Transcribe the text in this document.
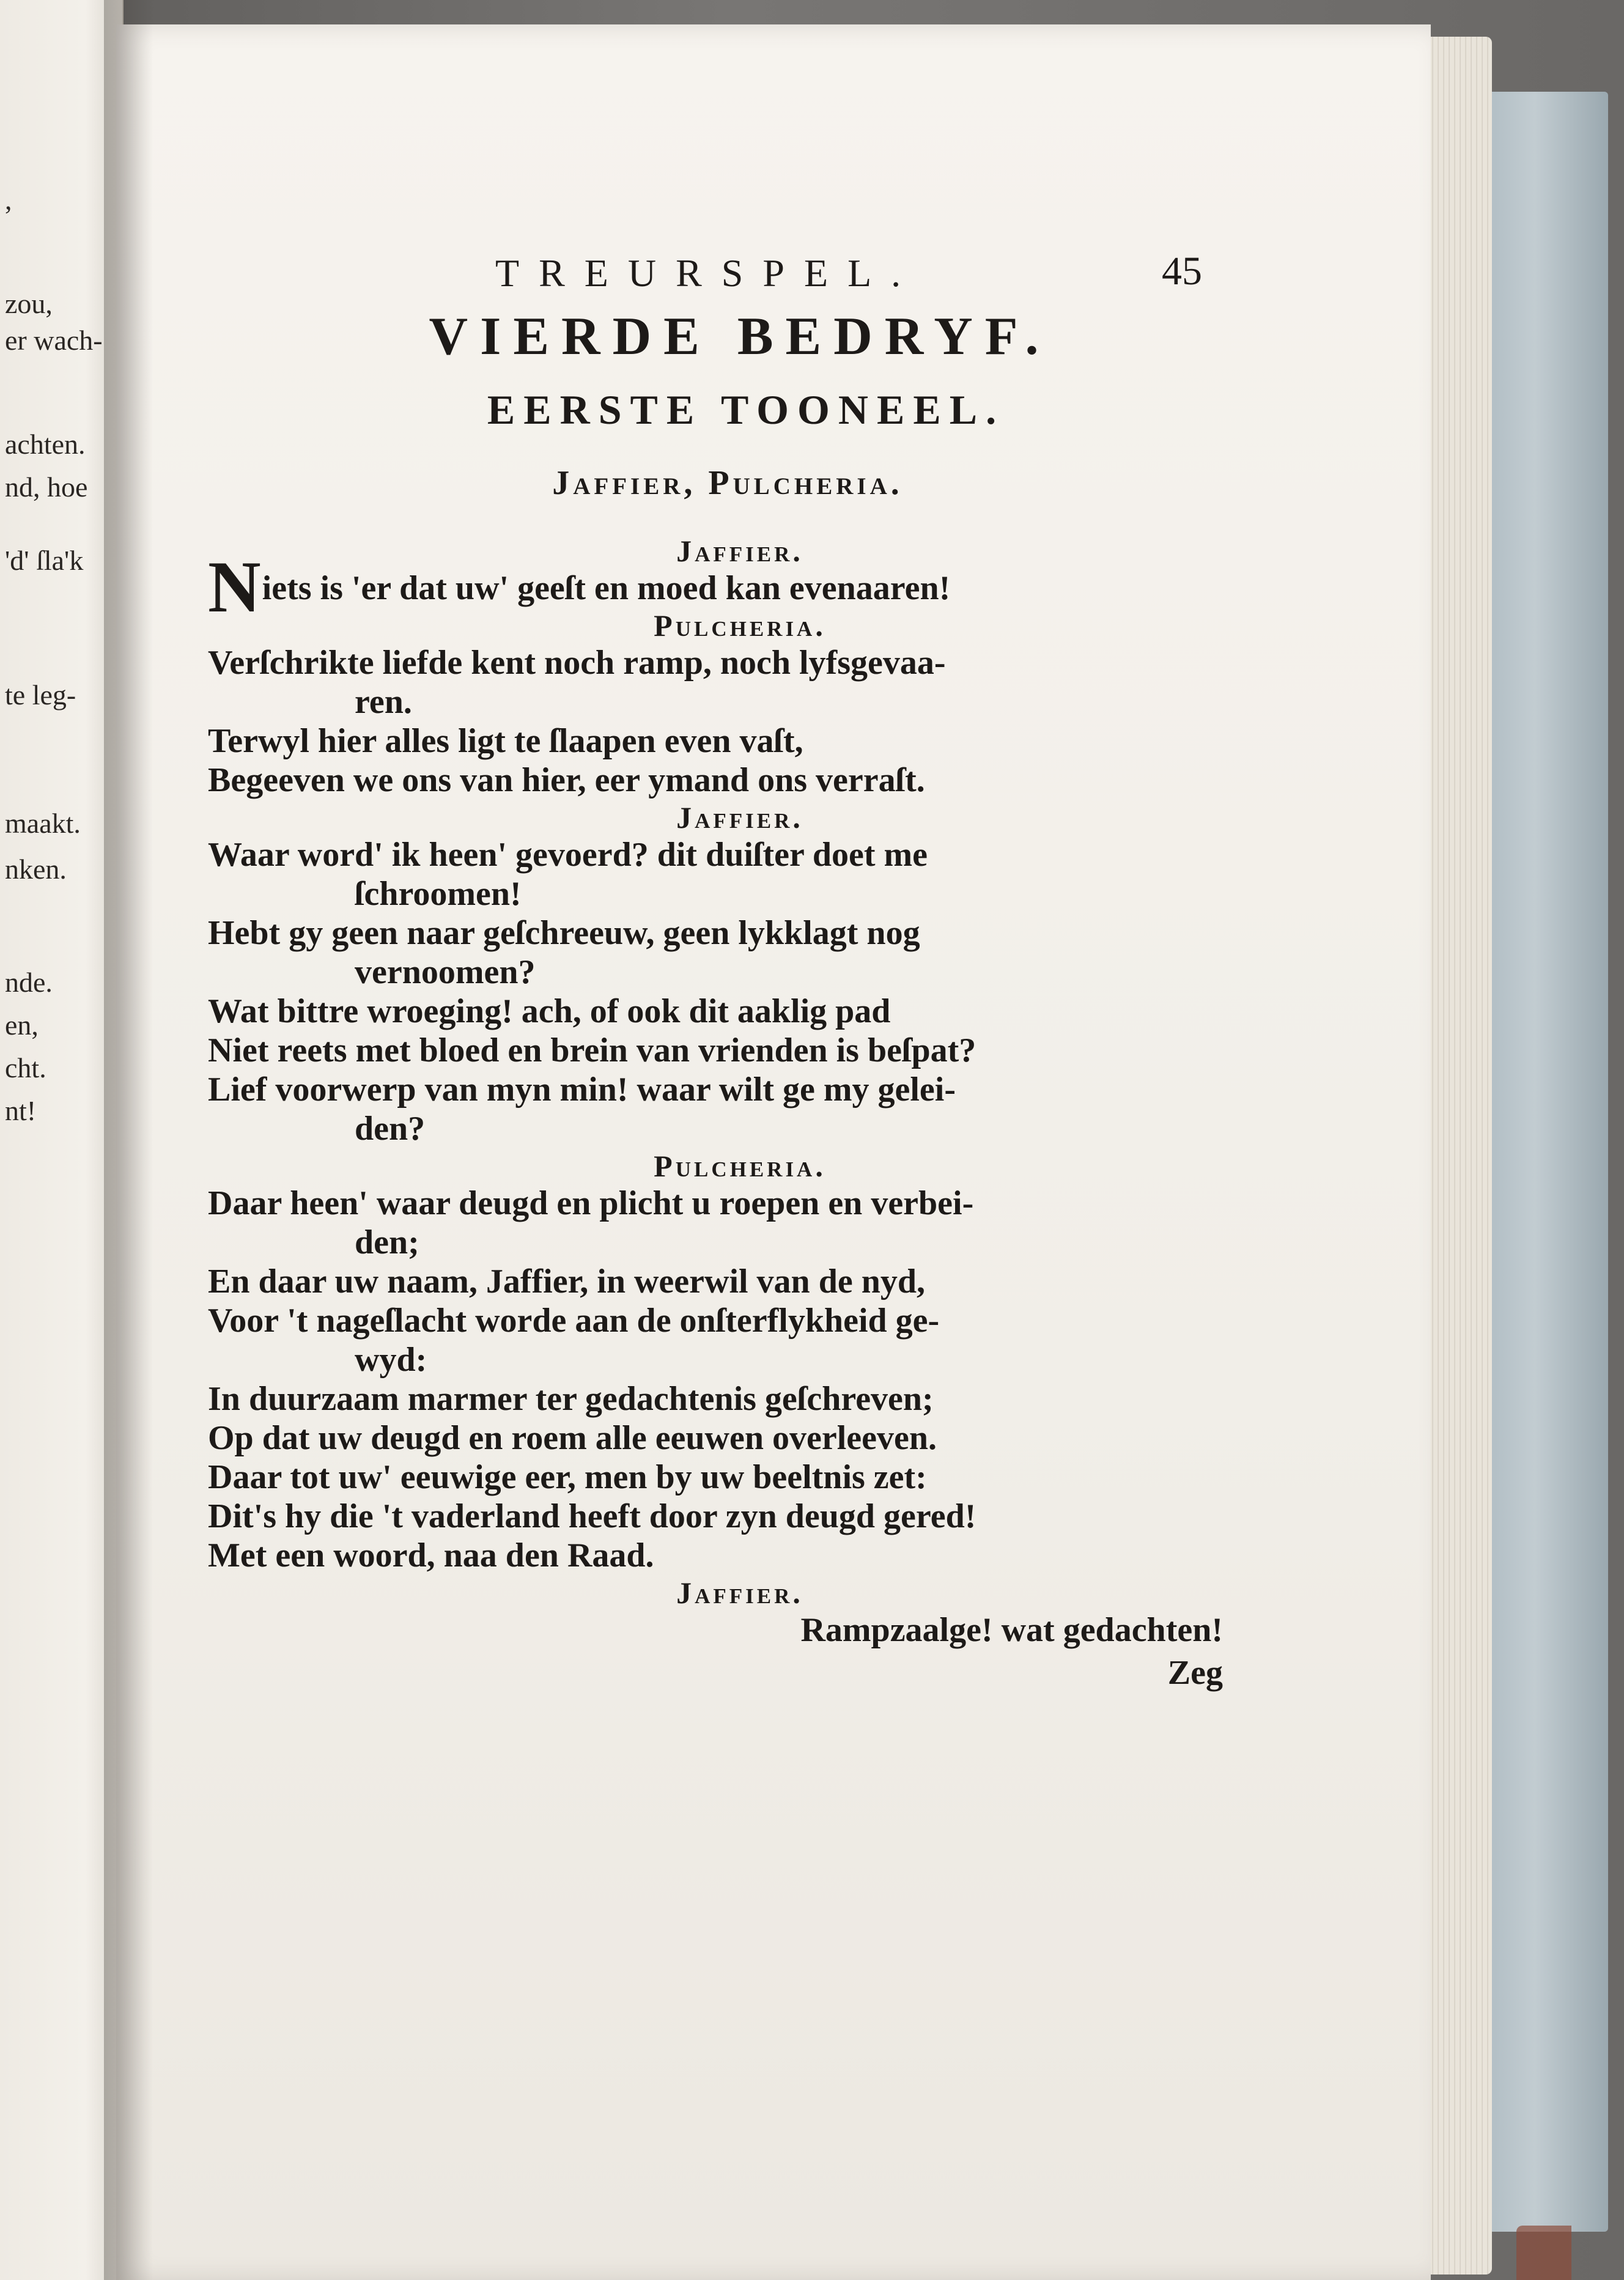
,
zou,
er wach-
achten.
nd, hoe
'd' ſla'k
te leg-
maakt.
nken.
nde.
en,
cht.
nt!
TREURSPEL.	45
VIERDE BEDRYF.
EERSTE TOONEEL.
Jaffier, Pulcheria.
Jaffier.
Niets is 'er dat uw' geeſt en moed kan evenaaren!
Pulcheria.
Verſchrikte liefde kent noch ramp, noch lyfsgevaa-
ren.
Terwyl hier alles ligt te ſlaapen even vaſt,
Begeeven we ons van hier, eer ymand ons verraſt.
Jaffier.
Waar word' ik heen' gevoerd? dit duiſter doet me
ſchroomen!
Hebt gy geen naar geſchreeuw, geen lykklagt nog
vernoomen?
Wat bittre wroeging! ach, of ook dit aaklig pad
Niet reets met bloed en brein van vrienden is beſpat?
Lief voorwerp van myn min! waar wilt ge my gelei-
den?
Pulcheria.
Daar heen' waar deugd en plicht u roepen en verbei-
den;
En daar uw naam, Jaffier, in weerwil van de nyd,
Voor 't nageſlacht worde aan de onſterflykheid ge-
wyd:
In duurzaam marmer ter gedachtenis geſchreven;
Op dat uw deugd en roem alle eeuwen overleeven.
Daar tot uw' eeuwige eer, men by uw beeltnis zet:
Dit's hy die 't vaderland heeft door zyn deugd gered!
Met een woord, naa den Raad.
Jaffier.
Rampzaalge! wat gedachten!
Zeg
